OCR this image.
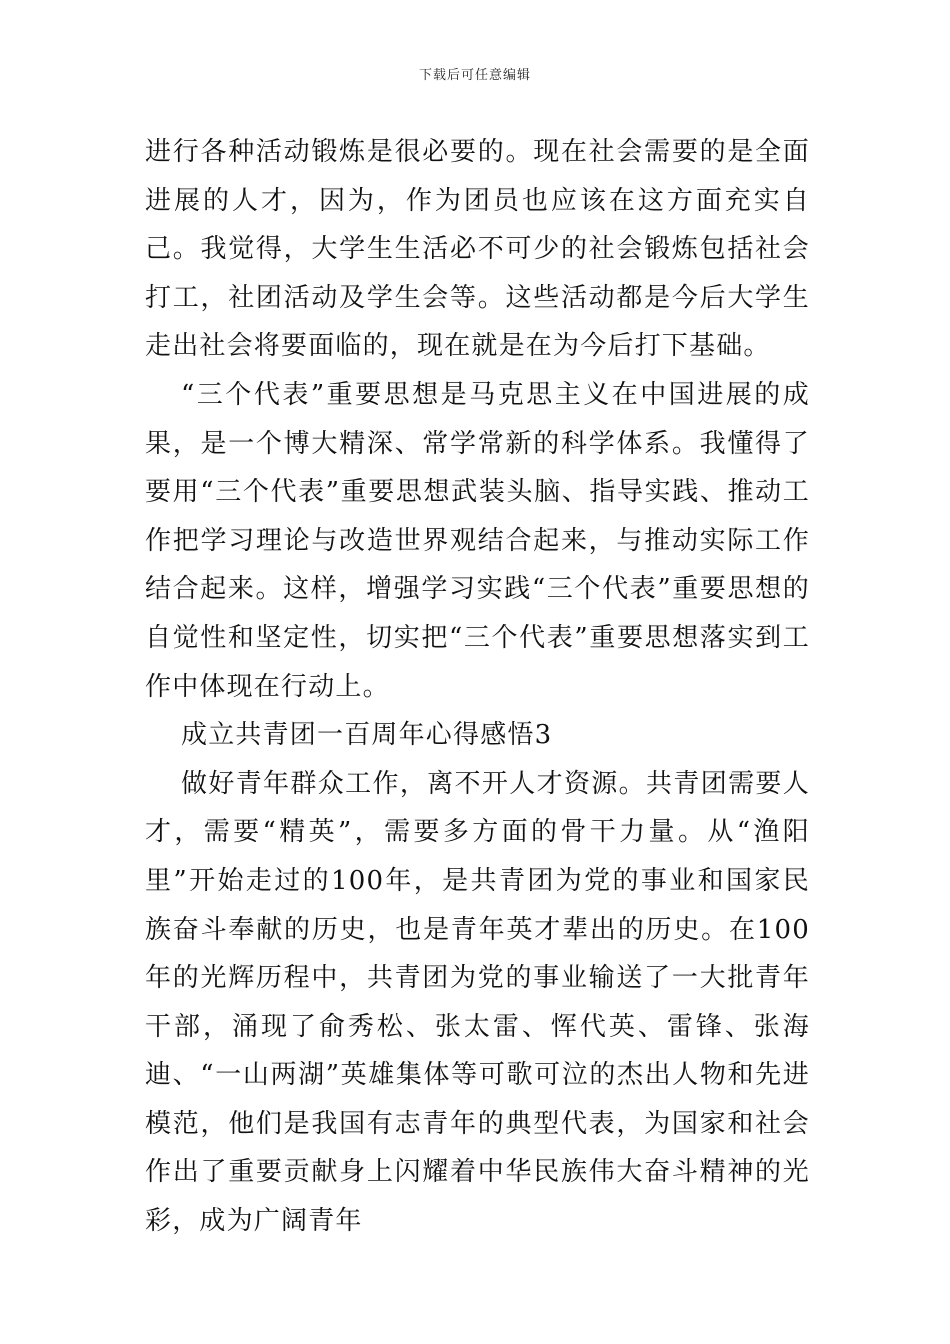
下载后可任意编辑

进行各种活动锻炼是很必要的。现在社会需要的是全面进展的人才，因为，作为团员也应该在这方面充实自己。我觉得，大学生生活必不可少的社会锻炼包括社会打工，社团活动及学生会等。这些活动都是今后大学生走出社会将要面临的，现在就是在为今后打下基础。

“三个代表”重要思想是马克思主义在中国进展的成果，是一个博大精深、常学常新的科学体系。我懂得了要用“三个代表”重要思想武装头脑、指导实践、推动工作把学习理论与改造世界观结合起来，与推动实际工作结合起来。这样，增强学习实践“三个代表”重要思想的自觉性和坚定性，切实把“三个代表”重要思想落实到工作中体现在行动上。

成立共青团一百周年心得感悟3

做好青年群众工作，离不开人才资源。共青团需要人才，需要“精英”，需要多方面的骨干力量。从“渔阳里”开始走过的100年，是共青团为党的事业和国家民族奋斗奉献的历史，也是青年英才辈出的历史。在100年的光辉历程中，共青团为党的事业输送了一大批青年干部，涌现了俞秀松、张太雷、恽代英、雷锋、张海迪、“一山两湖”英雄集体等可歌可泣的杰出人物和先进模范，他们是我国有志青年的典型代表，为国家和社会作出了重要贡献身上闪耀着中华民族伟大奋斗精神的光彩，成为广阔青年
